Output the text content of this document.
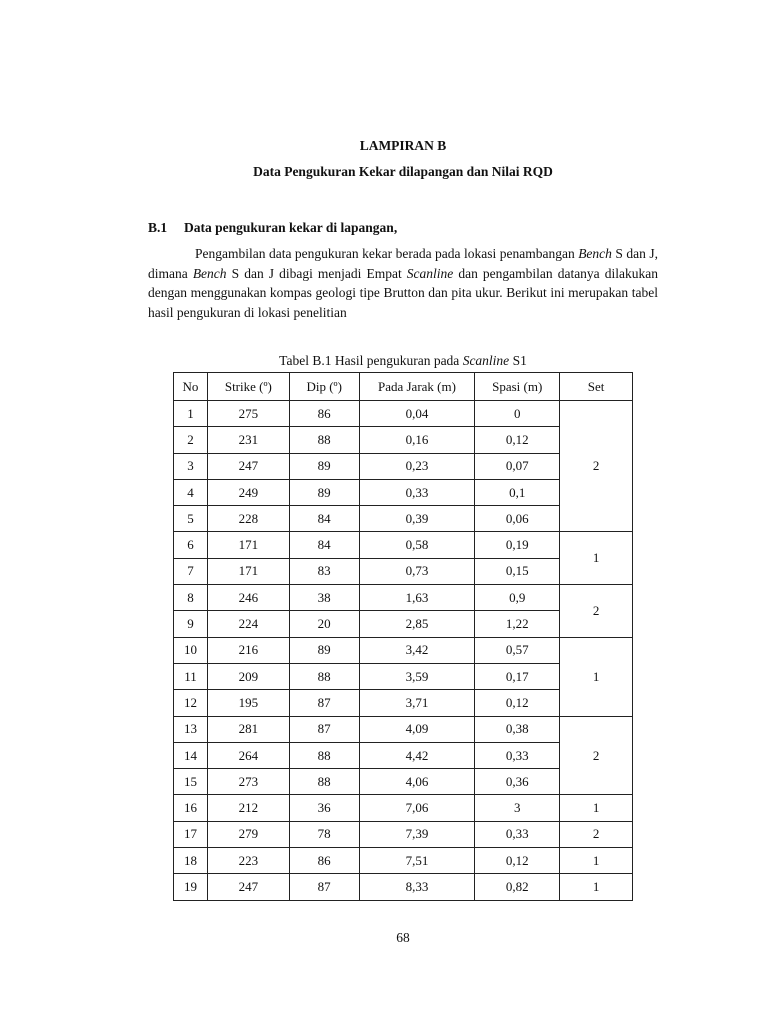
LAMPIRAN B
Data Pengukuran Kekar dilapangan dan Nilai RQD
B.1 Data pengukuran kekar di lapangan,

Pengambilan data pengukuran kekar berada pada lokasi penambangan Bench S dan J, dimana Bench S dan J dibagi menjadi Empat Scanline dan pengambilan datanya dilakukan dengan menggunakan kompas geologi tipe Brutton dan pita ukur. Berikut ini merupakan tabel hasil pengukuran di lokasi penelitian

Tabel B.1 Hasil pengukuran pada Scanline S1
No	Strike (º)	Dip (º)	Pada Jarak (m)	Spasi (m)	Set
1	275	86	0,04	0	2
2	231	88	0,16	0,12	
3	247	89	0,23	0,07	
4	249	89	0,33	0,1	
5	228	84	0,39	0,06	
6	171	84	0,58	0,19	1
7	171	83	0,73	0,15	
8	246	38	1,63	0,9	2
9	224	20	2,85	1,22	
10	216	89	3,42	0,57	1
11	209	88	3,59	0,17	
12	195	87	3,71	0,12	
13	281	87	4,09	0,38	2
14	264	88	4,42	0,33	
15	273	88	4,06	0,36	
16	212	36	7,06	3	1
17	279	78	7,39	0,33	2
18	223	86	7,51	0,12	1
19	247	87	8,33	0,82	1
68
